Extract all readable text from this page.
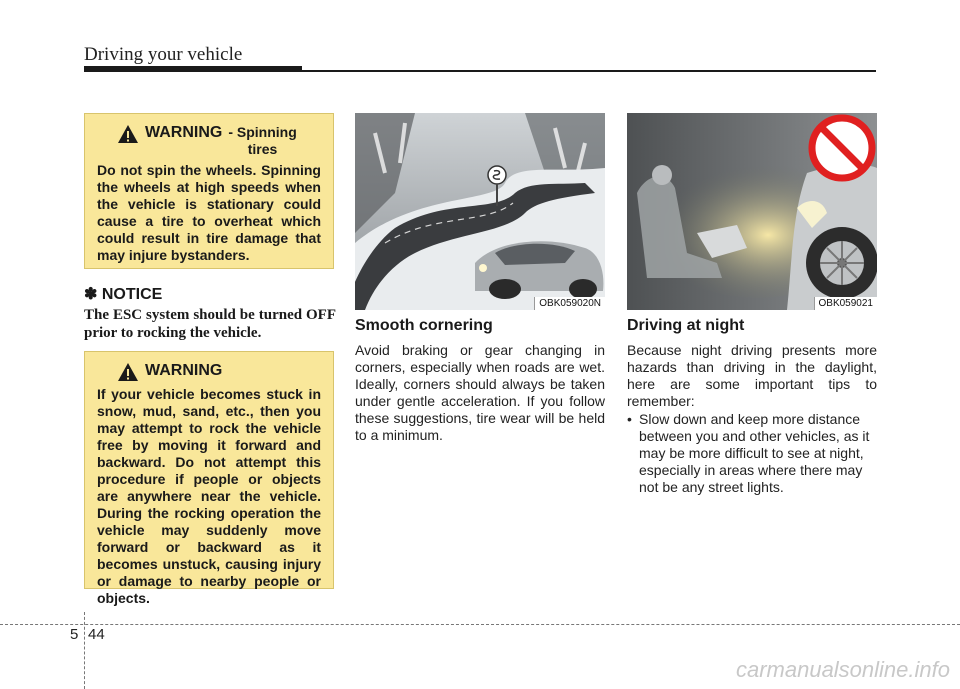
Driving your vehicle
WARNING - Spinning
tires
Do not spin the wheels. Spinning the wheels at high speeds when the vehicle is stationary could cause a tire to overheat which could result in tire damage that may injure bystanders.
✽ NOTICE
The ESC system should be turned OFF prior to rocking the vehicle.
WARNING
If your vehicle becomes stuck in snow, mud, sand, etc., then you may attempt to rock the vehicle free by moving it forward and backward. Do not attempt this procedure if people or objects are anywhere near the vehicle. During the rocking operation the vehicle may suddenly move forward or backward as it becomes unstuck, causing injury or damage to nearby people or objects.
OBK059020N	OBK059021
Smooth cornering
Avoid braking or gear changing in corners, especially when roads are wet. Ideally, corners should always be taken under gentle acceleration. If you follow these suggestions, tire wear will be held to a minimum.
Driving at night
Because night driving presents more hazards than driving in the daylight, here are some important tips to remember:
• Slow down and keep more distance between you and other vehicles, as it may be more difficult to see at night, especially in areas where there may not be any street lights.
5 44
carmanualsonline.info
